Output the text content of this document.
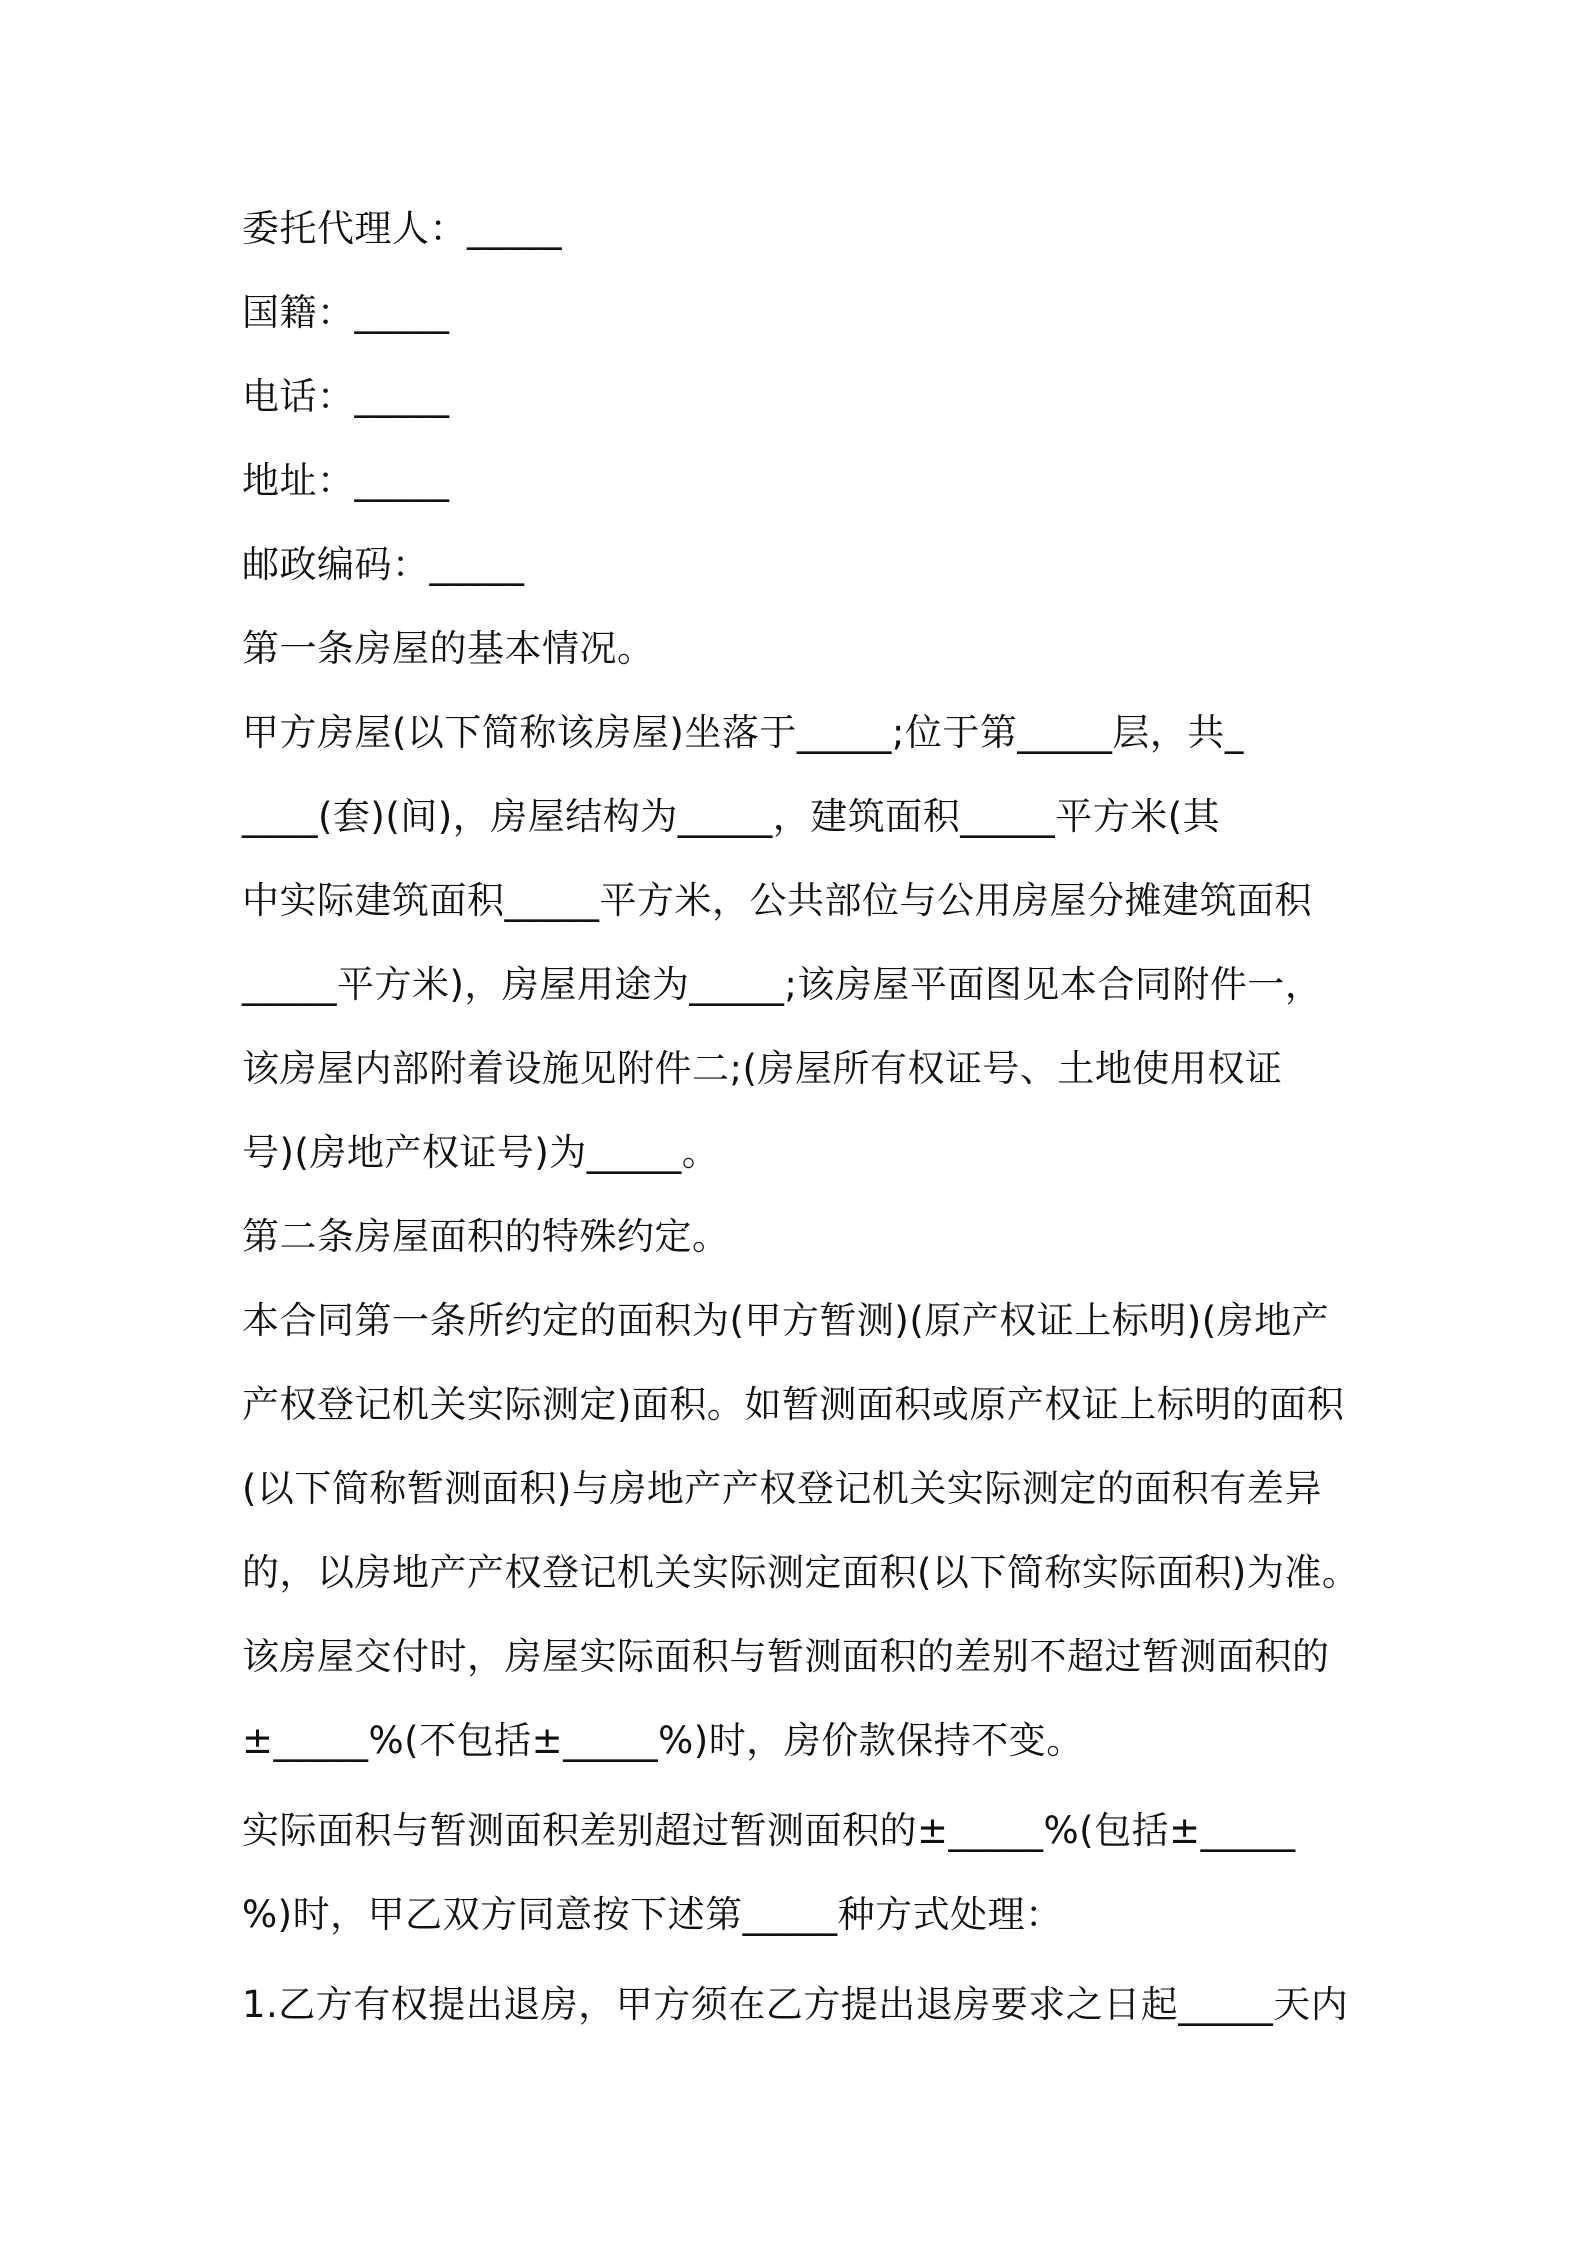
委托代理人：_____

国籍：_____

电话：_____

地址：_____

邮政编码：_____

第一条房屋的基本情况。

甲方房屋(以下简称该房屋)坐落于_____;位于第_____层，共_

____(套)(间)，房屋结构为_____，建筑面积_____平方米(其

中实际建筑面积_____平方米，公共部位与公用房屋分摊建筑面积

_____平方米)，房屋用途为_____;该房屋平面图见本合同附件一，

该房屋内部附着设施见附件二;(房屋所有权证号、土地使用权证

号)(房地产权证号)为_____。

第二条房屋面积的特殊约定。

本合同第一条所约定的面积为(甲方暂测)(原产权证上标明)(房地产

产权登记机关实际测定)面积。如暂测面积或原产权证上标明的面积

(以下简称暂测面积)与房地产产权登记机关实际测定的面积有差异

的，以房地产产权登记机关实际测定面积(以下简称实际面积)为准。

该房屋交付时，房屋实际面积与暂测面积的差别不超过暂测面积的

±_____%(不包括±_____%)时，房价款保持不变。

实际面积与暂测面积差别超过暂测面积的±_____%(包括±_____

%)时，甲乙双方同意按下述第_____种方式处理：

1.乙方有权提出退房，甲方须在乙方提出退房要求之日起_____天内
